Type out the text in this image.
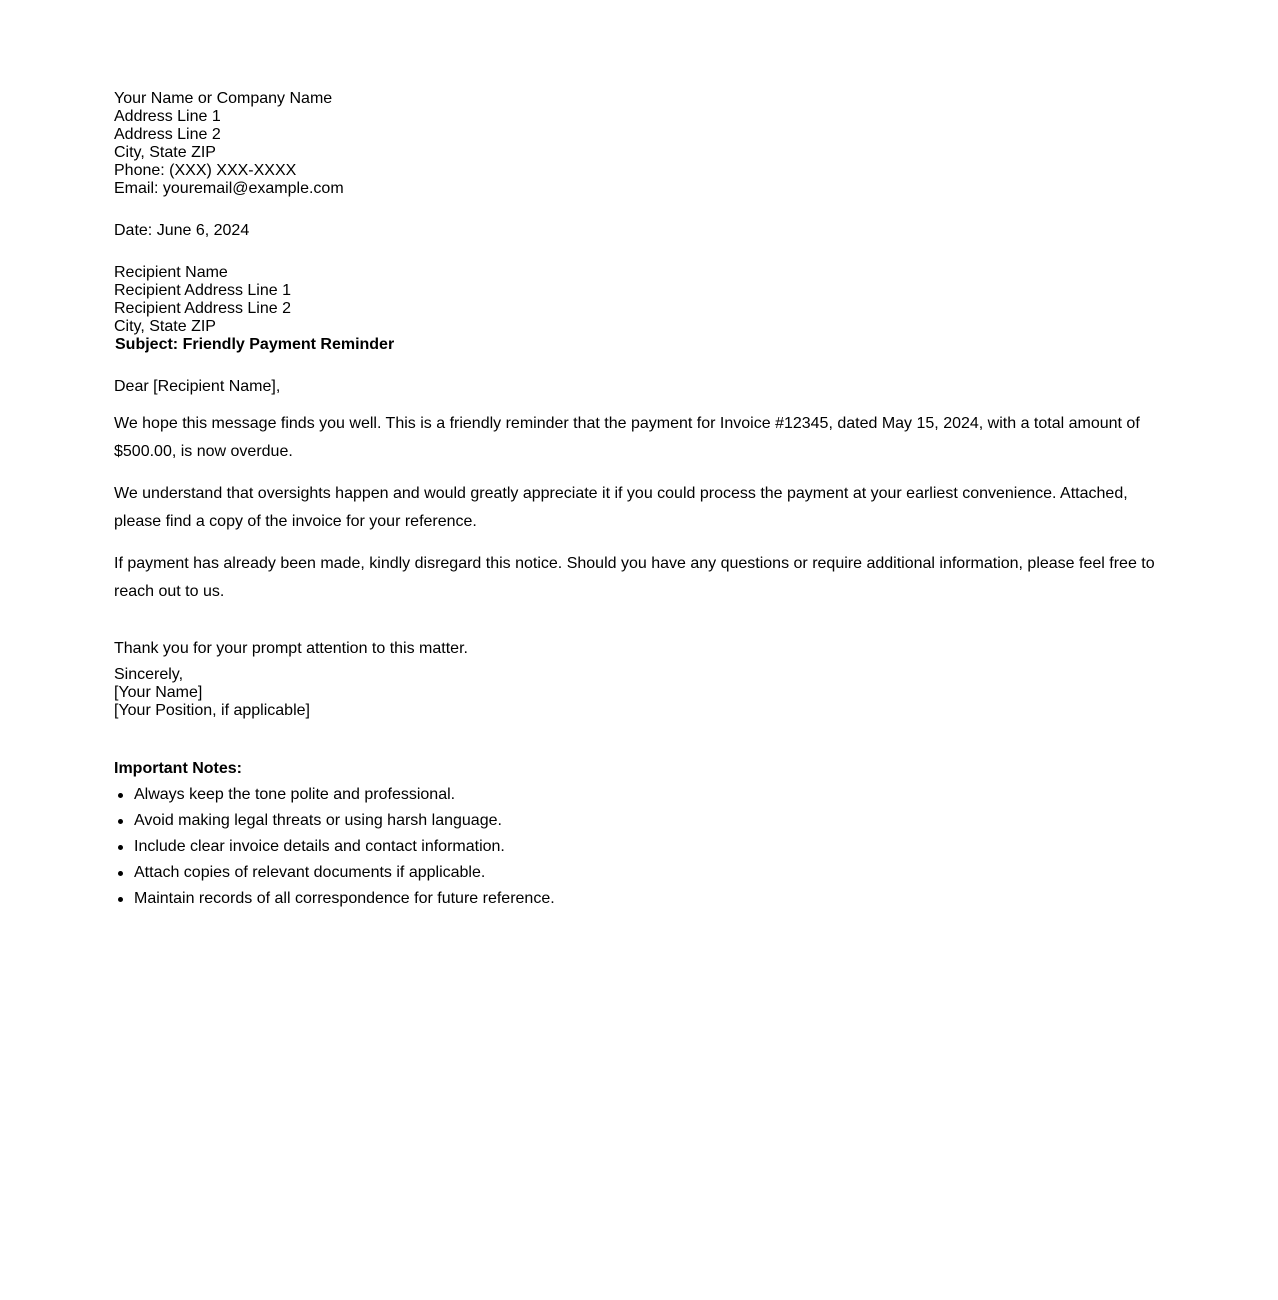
Your Name or Company Name
Address Line 1
Address Line 2
City, State ZIP
Phone: (XXX) XXX-XXXX
Email: youremail@example.com
Date: June 6, 2024
Recipient Name
Recipient Address Line 1
Recipient Address Line 2
City, State ZIP
Subject: Friendly Payment Reminder
Dear [Recipient Name],

We hope this message finds you well. This is a friendly reminder that the payment for Invoice #12345, dated May 15, 2024, with a total amount of $500.00, is now overdue.

We understand that oversights happen and would greatly appreciate it if you could process the payment at your earliest convenience. Attached, please find a copy of the invoice for your reference.

If payment has already been made, kindly disregard this notice. Should you have any questions or require additional information, please feel free to reach out to us.

Thank you for your prompt attention to this matter.
Sincerely,
[Your Name]
[Your Position, if applicable]
Important Notes:
Always keep the tone polite and professional.
Avoid making legal threats or using harsh language.
Include clear invoice details and contact information.
Attach copies of relevant documents if applicable.
Maintain records of all correspondence for future reference.
